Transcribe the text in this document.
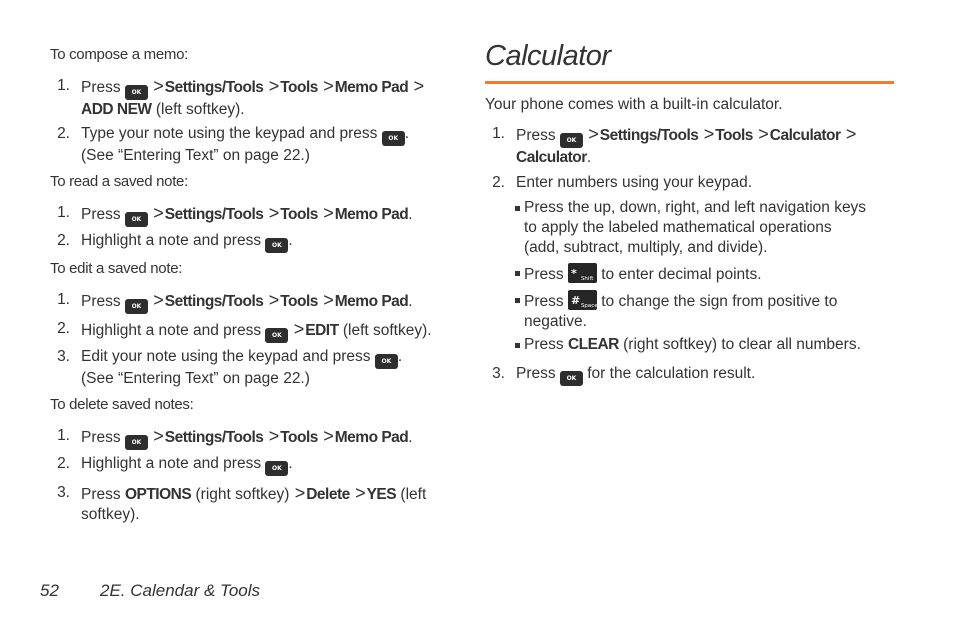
To compose a memo:
1. Press OK >Settings/Tools >Tools >Memo Pad >
ADD NEW (left softkey).
2. Type your note using the keypad and press OK .
(See “Entering Text” on page 22.)
To read a saved note:
1. Press OK >Settings/Tools >Tools >Memo Pad.
2. Highlight a note and press OK .
To edit a saved note:
1. Press OK >Settings/Tools >Tools >Memo Pad.
2. Highlight a note and press OK >EDIT (left softkey).
3. Edit your note using the keypad and press OK .
(See “Entering Text” on page 22.)
To delete saved notes:
1. Press OK >Settings/Tools >Tools >Memo Pad.
2. Highlight a note and press OK .
3. Press OPTIONS (right softkey) >Delete >YES (left
softkey).
Calculator
Your phone comes with a built-in calculator.
1. Press OK >Settings/Tools >Tools >Calculator >
Calculator.
2. Enter numbers using your keypad.
Press the up, down, right, and left navigation keys
to apply the labeled mathematical operations
(add, subtract, multiply, and divide).
Press * Shift to enter decimal points.
Press # Space to change the sign from positive to
negative.
Press CLEAR (right softkey) to clear all numbers.
3. Press OK for the calculation result.
52 2E. Calendar & Tools
